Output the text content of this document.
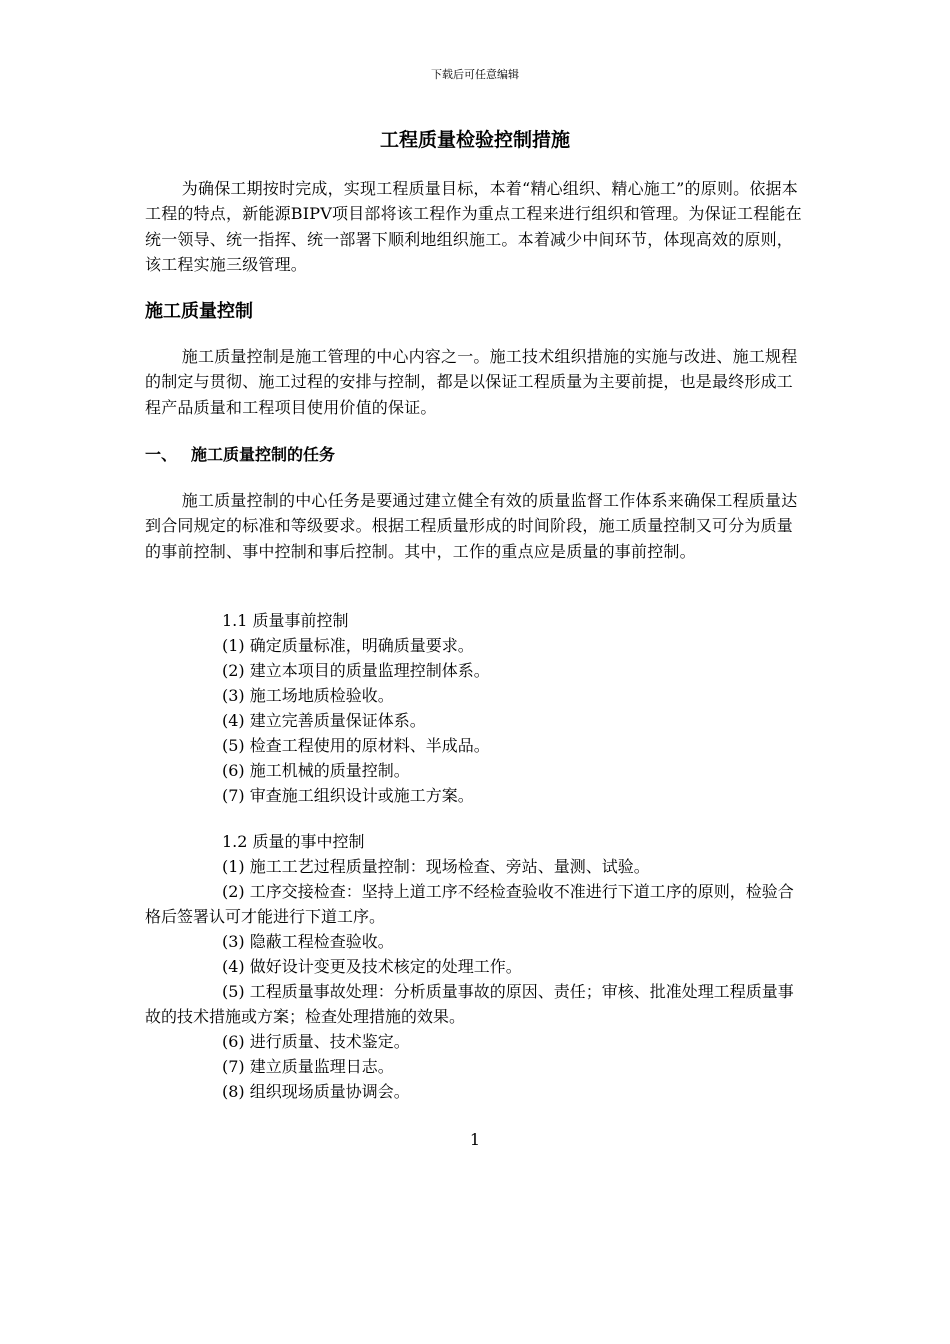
下载后可任意编辑
工程质量检验控制措施

为确保工期按时完成，实现工程质量目标，本着“精心组织、精心施工”的原则。依据本工程的特点，新能源BIPV项目部将该工程作为重点工程来进行组织和管理。为保证工程能在统一领导、统一指挥、统一部署下顺利地组织施工。本着减少中间环节，体现高效的原则，该工程实施三级管理。

施工质量控制

施工质量控制是施工管理的中心内容之一。施工技术组织措施的实施与改进、施工规程的制定与贯彻、施工过程的安排与控制，都是以保证工程质量为主要前提，也是最终形成工程产品质量和工程项目使用价值的保证。

一、 施工质量控制的任务

施工质量控制的中心任务是要通过建立健全有效的质量监督工作体系来确保工程质量达到合同规定的标准和等级要求。根据工程质量形成的时间阶段，施工质量控制又可分为质量的事前控制、事中控制和事后控制。其中，工作的重点应是质量的事前控制。

1.1 质量事前控制
(1) 确定质量标准，明确质量要求。
(2) 建立本项目的质量监理控制体系。
(3) 施工场地质检验收。
(4) 建立完善质量保证体系。
(5) 检查工程使用的原材料、半成品。
(6) 施工机械的质量控制。
(7) 审查施工组织设计或施工方案。
1.2 质量的事中控制
(1) 施工工艺过程质量控制：现场检查、旁站、量测、试验。
(2) 工序交接检查：坚持上道工序不经检查验收不准进行下道工序的原则，检验合格后签署认可才能进行下道工序。
(3) 隐蔽工程检查验收。
(4) 做好设计变更及技术核定的处理工作。
(5) 工程质量事故处理：分析质量事故的原因、责任；审核、批准处理工程质量事故的技术措施或方案；检查处理措施的效果。
(6) 进行质量、技术鉴定。
(7) 建立质量监理日志。
(8) 组织现场质量协调会。
1
